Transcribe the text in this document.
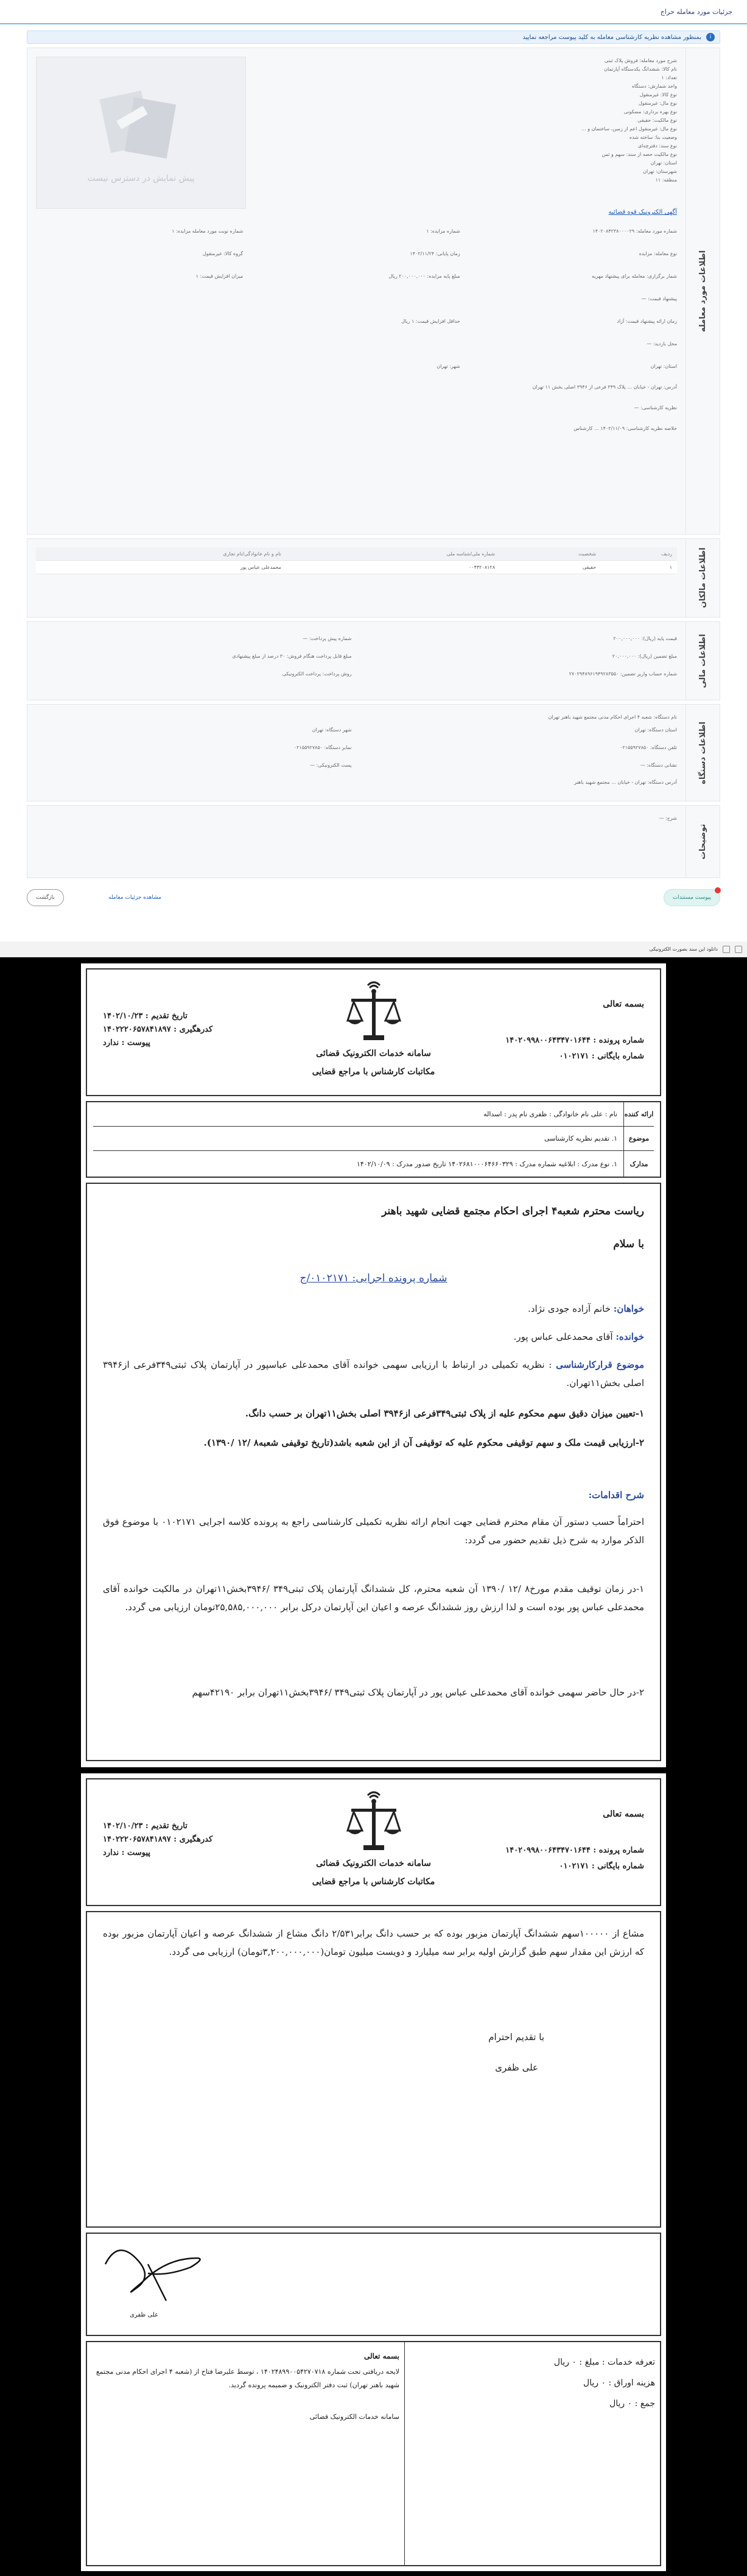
جزئیات مورد معامله حراج
i
بمنظور مشاهده نظریه کارشناسی معامله به کلید پیوست مراجعه نمایید
اطلاعات مورد معامله
پیش نمایش در دسترس نیست
شرح مورد معامله: فروش پلاک ثبتی
نام کالا: ششدانگ یکدستگاه آپارتمان
تعداد: ۱
واحد شمارش: دستگاه
نوع کالا: غیرمنقول
نوع مال: غیرمنقول
نوع بهره برداری: مسکونی
نوع مالکیت: حقیقی
نوع مال: غیرمنقول اعم از زمین، ساختمان و ...
وضعیت بنا: ساخته شده
نوع سند: دفترچه‌ای
نوع مالکیت حصه از سند: سهم و ثمن
استان: تهران
شهرستان: تهران
منطقه: ۱۱
آگهی الکترونیک قوه قضائیه
شماره مورد معامله: ۱۴۰۲۰۸۴۲۳۸۰۰۰۰۲۹
شماره مزایده: ۱
شماره نوبت مورد معامله مزایده: ۱
نوع معامله: مزایده
زمان پایانی: ۱۴۰۲/۱۱/۲۴
گروه کالا: غیرمنقول
شمار برگزاری: معامله برای پیشنهاد مهریه
مبلغ پایه مزایده: ۲۰۰,۰۰۰,۰۰۰ ریال
میزان افزایش قیمت: ۱
پیشنهاد قیمت: —
زمان ارائه پیشنهاد قیمت: آزاد
حداقل افزایش قیمت: ۱ ریال
محل بازدید: —
استان: تهران
شهر: تهران
آدرس: تهران - خیابان ... پلاک ۳۴۹ فرعی از ۳۹۴۶ اصلی بخش ۱۱ تهران
نظریه کارشناسی: —
خلاصه نظریه کارشناسی: ۱۴۰۲/۱۱/۰۹ ... کارشناس
اطلاعات مالکان
ردیف	شخصیت	شماره ملی/شناسه ملی	نام و نام خانوادگی/نام تجاری
۱	حقیقی	۰۰۴۴۲۰۸۱۲۸	محمدعلی عباس پور
اطلاعات مالی
قیمت پایه (ریال): ۲۰۰,۰۰۰,۰۰۰
شماره پیش پرداخت: —
مبلغ تضمین (ریال): ۲۰,۰۰۰,۰۰۰
مبلغ قابل پرداخت هنگام فروش: ۳۰ درصد از مبلغ پیشنهادی
شماره حساب واریز تضمین: ۲۷۰۲۹۴۸۹۶۱۹۴۹۲۸۳۵۵۰
روش پرداخت: پرداخت الکترونیکی
اطلاعات دستگاه
نام دستگاه: شعبه ۴ اجرای احکام مدنی مجتمع شهید باهنر تهران
استان دستگاه: تهران
شهر دستگاه: تهران
تلفن دستگاه: ۰۲۱۵۵۹۲۷۸۵۰
نمابر دستگاه: ۰۲۱۵۵۹۲۷۸۵۰
نشانی دستگاه: —
پست الکترونیکی: —
آدرس دستگاه: تهران - خیابان ... مجتمع شهید باهنر
توضیحات
شرح: —
پیوست مستندات
مشاهده جزئیات معامله
بازگشت
دانلود این سند بصورت الکترونیکی
بسمه تعالی
شماره پرونده : ۱۴۰۲۰۹۹۸۰۰۶۴۳۴۷۰۱۶۴۴
شماره بایگانی : ۰۱۰۲۱۷۱
سامانه خدمات الکترونیک قضائی
مکاتبات کارشناس با مراجع قضایی
تاریخ تقدیم : ۱۴۰۲/۱۰/۲۳
کدرهگیری : ۱۴۰۲۲۲۰۶۵۷۸۴۱۸۹۷
پیوست : ندارد
ارائه کننده
نام : علی نام خانوادگی : ظفری نام پدر : اسداله
موضوع
۱. تقدیم نظریه کارشناسی
مدارک
۱. نوع مدرک : ابلاغیه شماره مدرک : ۱۴۰۲۶۸۱۰۰۰۶۴۶۶۰۳۲۹ تاریخ صدور مدرک : ۱۴۰۲/۱۰/۰۹
ریاست محترم شعبه۴ اجرای احکام مجتمع قضایی شهید باهنر
با سلام
شماره پرونده اجرایی: ۰۱۰۲۱۷۱/ج
خواهان: خانم آزاده جودی نژاد.
خوانده: آقای محمدعلی عباس پور.
موضوع قرارکارشناسی : نظریه تکمیلی در ارتباط با ارزیابی سهمی خوانده آقای محمدعلی عباسپور در آپارتمان پلاک ثبتی۳۴۹فرعی از۳۹۴۶ اصلی بخش۱۱تهران.
۱-تعیین میزان دقیق سهم محکوم علیه از پلاک ثبتی۳۴۹فرعی از۳۹۴۶ اصلی بخش۱۱تهران بر حسب دانگ.
۲-ارزیابی قیمت ملک و سهم توقیفی محکوم علیه که توقیفی آن از این شعبه باشد(تاریخ توقیفی شعبه۸ /۱۲ /۱۳۹۰).
شرح اقدامات:
احتراماً حسب دستور آن مقام محترم قضایی جهت انجام ارائه نظریه تکمیلی کارشناسی راجع به پرونده کلاسه اجرایی ۰۱۰۲۱۷۱ با موضوع فوق الذکر موارد به شرح ذیل تقدیم حضور می گردد:
۱-در زمان توقیف مقدم مورخ۸ /۱۲ /۱۳۹۰ آن شعبه محترم، کل ششدانگ آپارتمان پلاک ثبتی۳۴۹ /۳۹۴۶بخش۱۱تهران در مالکیت خوانده آقای محمدعلی عباس پور بوده است و لذا ارزش روز ششدانگ عرصه و اعیان این آپارتمان درکل برابر ۲۵,۵۸۵,۰۰۰,۰۰۰تومان ارزیابی می گردد.
۲-در حال حاضر سهمی خوانده آقای محمدعلی عباس پور در آپارتمان پلاک ثبتی۳۴۹ /۳۹۴۶بخش۱۱تهران برابر ۴۲۱۹۰سهم
بسمه تعالی
شماره پرونده : ۱۴۰۲۰۹۹۸۰۰۶۴۳۴۷۰۱۶۴۴
شماره بایگانی : ۰۱۰۲۱۷۱
سامانه خدمات الکترونیک قضائی
مکاتبات کارشناس با مراجع قضایی
تاریخ تقدیم : ۱۴۰۲/۱۰/۲۳
کدرهگیری : ۱۴۰۲۲۲۰۶۵۷۸۴۱۸۹۷
پیوست : ندارد
مشاع از ۱۰۰۰۰۰سهم ششدانگ آپارتمان مزبور بوده که بر حسب دانگ برابر۲/۵۳۱ دانگ مشاع از ششدانگ عرصه و اعیان آپارتمان مزبور بوده که ارزش این مقدار سهم طبق گزارش اولیه برابر سه میلیارد و دویست میلیون تومان(۳,۲۰۰,۰۰۰,۰۰۰تومان) ارزیابی می گردد.
با تقدیم احترام
علی ظفری
علی ظفری
تعرفه خدمات : مبلغ : ۰ ریال
هزینه اوراق : ۰ ریال
جمع : ۰ ریال
بسمه تعالی
لایحه دریافتی تحت شماره ۱۴۰۲۴۸۹۹۰۰۵۴۲۷۰۷۱۸ ، توسط علیرضا فتاح از (شعبه ۴ اجرای احکام مدنی مجتمع شهید باهنر تهران) ثبت دفتر الکترونیک و ضمیمه پرونده گردید.
سامانه خدمات الکترونیک قضائی
